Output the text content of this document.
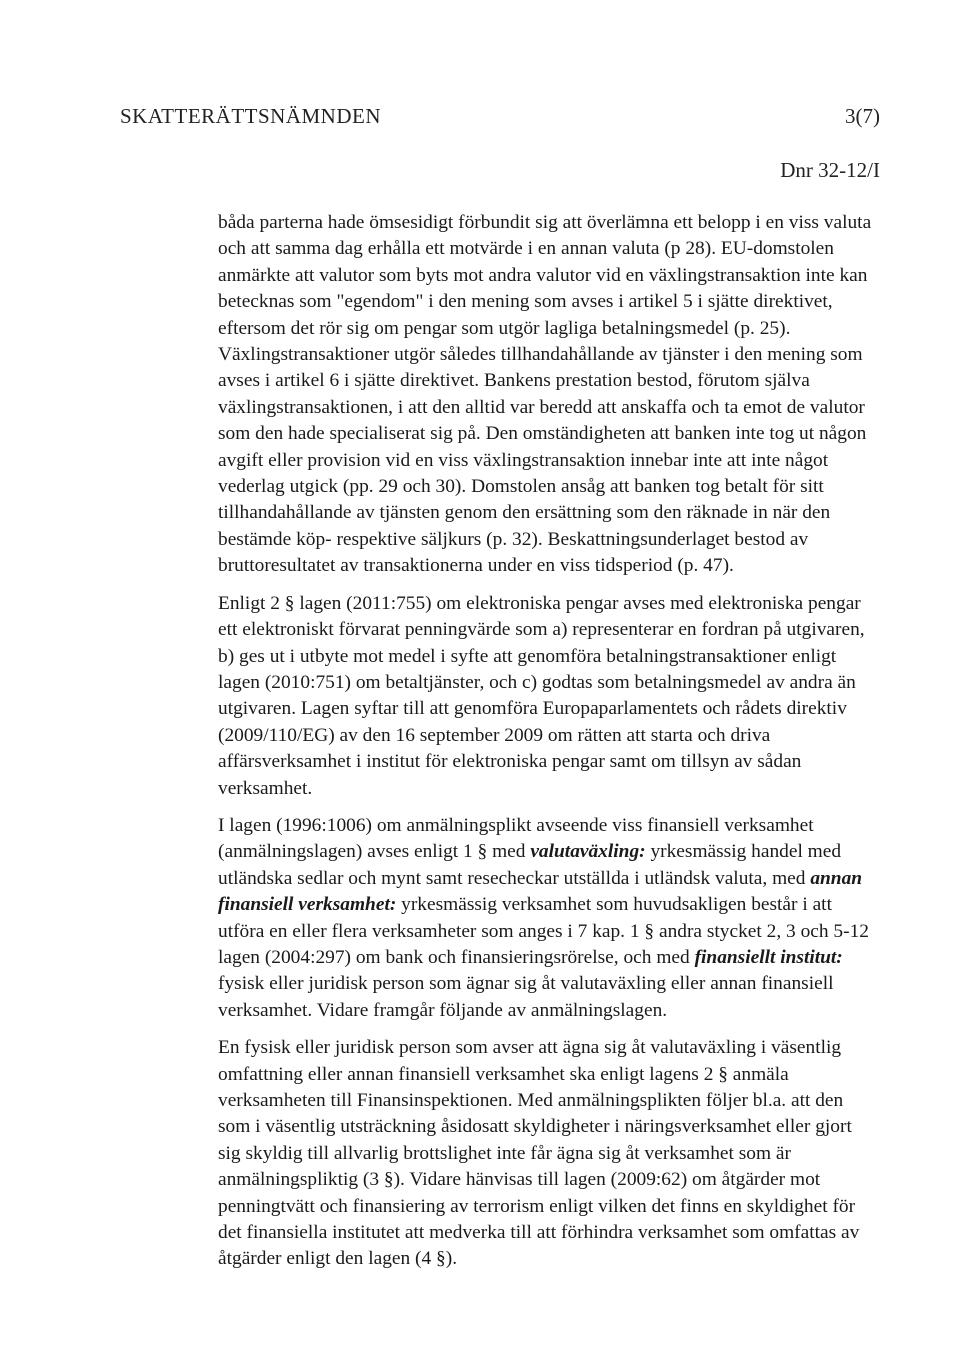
SKATTERÄTTSNÄMNDEN	3(7)
Dnr 32-12/I

båda parterna hade ömsesidigt förbundit sig att överlämna ett belopp i en viss valuta och att samma dag erhålla ett motvärde i en annan valuta (p 28). EU-domstolen anmärkte att valutor som byts mot andra valutor vid en växlingstransaktion inte kan betecknas som "egendom" i den mening som avses i artikel 5 i sjätte direktivet, eftersom det rör sig om pengar som utgör lagliga betalningsmedel (p. 25). Växlingstransaktioner utgör således tillhandahållande av tjänster i den mening som avses i artikel 6 i sjätte direktivet. Bankens prestation bestod, förutom själva växlingstransaktionen, i att den alltid var beredd att anskaffa och ta emot de valutor som den hade specialiserat sig på. Den omständigheten att banken inte tog ut någon avgift eller provision vid en viss växlingstransaktion innebar inte att inte något vederlag utgick (pp. 29 och 30). Domstolen ansåg att banken tog betalt för sitt tillhandahållande av tjänsten genom den ersättning som den räknade in när den bestämde köp- respektive säljkurs (p. 32). Beskattningsunderlaget bestod av bruttoresultatet av transaktionerna under en viss tidsperiod (p. 47).

Enligt 2 § lagen (2011:755) om elektroniska pengar avses med elektroniska pengar ett elektroniskt förvarat penningvärde som a) representerar en fordran på utgivaren, b) ges ut i utbyte mot medel i syfte att genomföra betalningstransaktioner enligt lagen (2010:751) om betaltjänster, och c) godtas som betalningsmedel av andra än utgivaren. Lagen syftar till att genomföra Europaparlamentets och rådets direktiv (2009/110/EG) av den 16 september 2009 om rätten att starta och driva affärsverksamhet i institut för elektroniska pengar samt om tillsyn av sådan verksamhet.

I lagen (1996:1006) om anmälningsplikt avseende viss finansiell verksamhet (anmälningslagen) avses enligt 1 § med valutaväxling: yrkesmässig handel med utländska sedlar och mynt samt resecheckar utställda i utländsk valuta, med annan finansiell verksamhet: yrkesmässig verksamhet som huvudsakligen består i att utföra en eller flera verksamheter som anges i 7 kap. 1 § andra stycket 2, 3 och 5-12 lagen (2004:297) om bank och finansieringsrörelse, och med finansiellt institut: fysisk eller juridisk person som ägnar sig åt valutaväxling eller annan finansiell verksamhet. Vidare framgår följande av anmälningslagen.

En fysisk eller juridisk person som avser att ägna sig åt valutaväxling i väsentlig omfattning eller annan finansiell verksamhet ska enligt lagens 2 § anmäla verksamheten till Finansinspektionen. Med anmälningsplikten följer bl.a. att den som i väsentlig utsträckning åsidosatt skyldigheter i näringsverksamhet eller gjort sig skyldig till allvarlig brottslighet inte får ägna sig åt verksamhet som är anmälningspliktig (3 §). Vidare hänvisas till lagen (2009:62) om åtgärder mot penningtvätt och finansiering av terrorism enligt vilken det finns en skyldighet för det finansiella institutet att medverka till att förhindra verksamhet som omfattas av åtgärder enligt den lagen (4 §).
